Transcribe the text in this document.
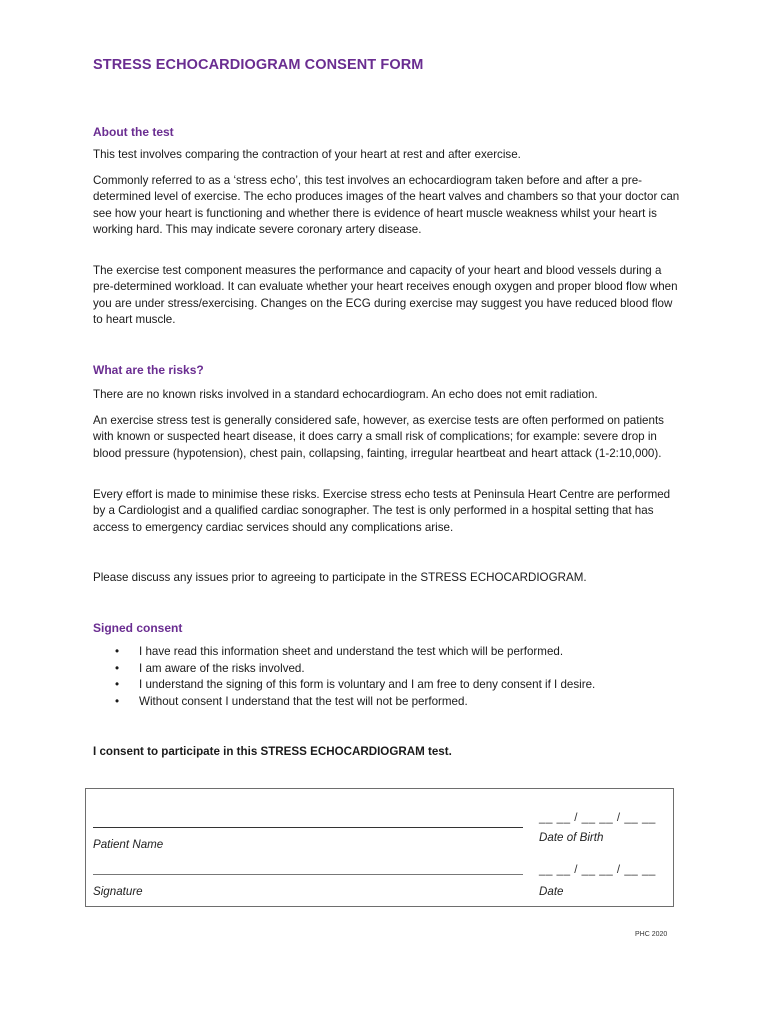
STRESS ECHOCARDIOGRAM CONSENT FORM
About the test

This test involves comparing the contraction of your heart at rest and after exercise.

Commonly referred to as a ‘stress echo’, this test involves an echocardiogram taken before and after a pre-determined level of exercise. The echo produces images of the heart valves and chambers so that your doctor can see how your heart is functioning and whether there is evidence of heart muscle weakness whilst your heart is working hard. This may indicate severe coronary artery disease.

The exercise test component measures the performance and capacity of your heart and blood vessels during a pre-determined workload. It can evaluate whether your heart receives enough oxygen and proper blood flow when you are under stress/exercising. Changes on the ECG during exercise may suggest you have reduced blood flow to heart muscle.

What are the risks?

There are no known risks involved in a standard echocardiogram. An echo does not emit radiation.

An exercise stress test is generally considered safe, however, as exercise tests are often performed on patients with known or suspected heart disease, it does carry a small risk of complications; for example: severe drop in blood pressure (hypotension), chest pain, collapsing, fainting, irregular heartbeat and heart attack (1-2:10,000).

Every effort is made to minimise these risks. Exercise stress echo tests at Peninsula Heart Centre are performed by a Cardiologist and a qualified cardiac sonographer. The test is only performed in a hospital setting that has access to emergency cardiac services should any complications arise.

Please discuss any issues prior to agreeing to participate in the STRESS ECHOCARDIOGRAM.

Signed consent
• I have read this information sheet and understand the test which will be performed.
• I am aware of the risks involved.
• I understand the signing of this form is voluntary and I am free to deny consent if I desire.
• Without consent I understand that the test will not be performed.

I consent to participate in this STRESS ECHOCARDIOGRAM test.

Patient Name
Signature
__ __ / __ __ / __ __
Date of Birth
__ __ / __ __ / __ __
Date
PHC 2020
